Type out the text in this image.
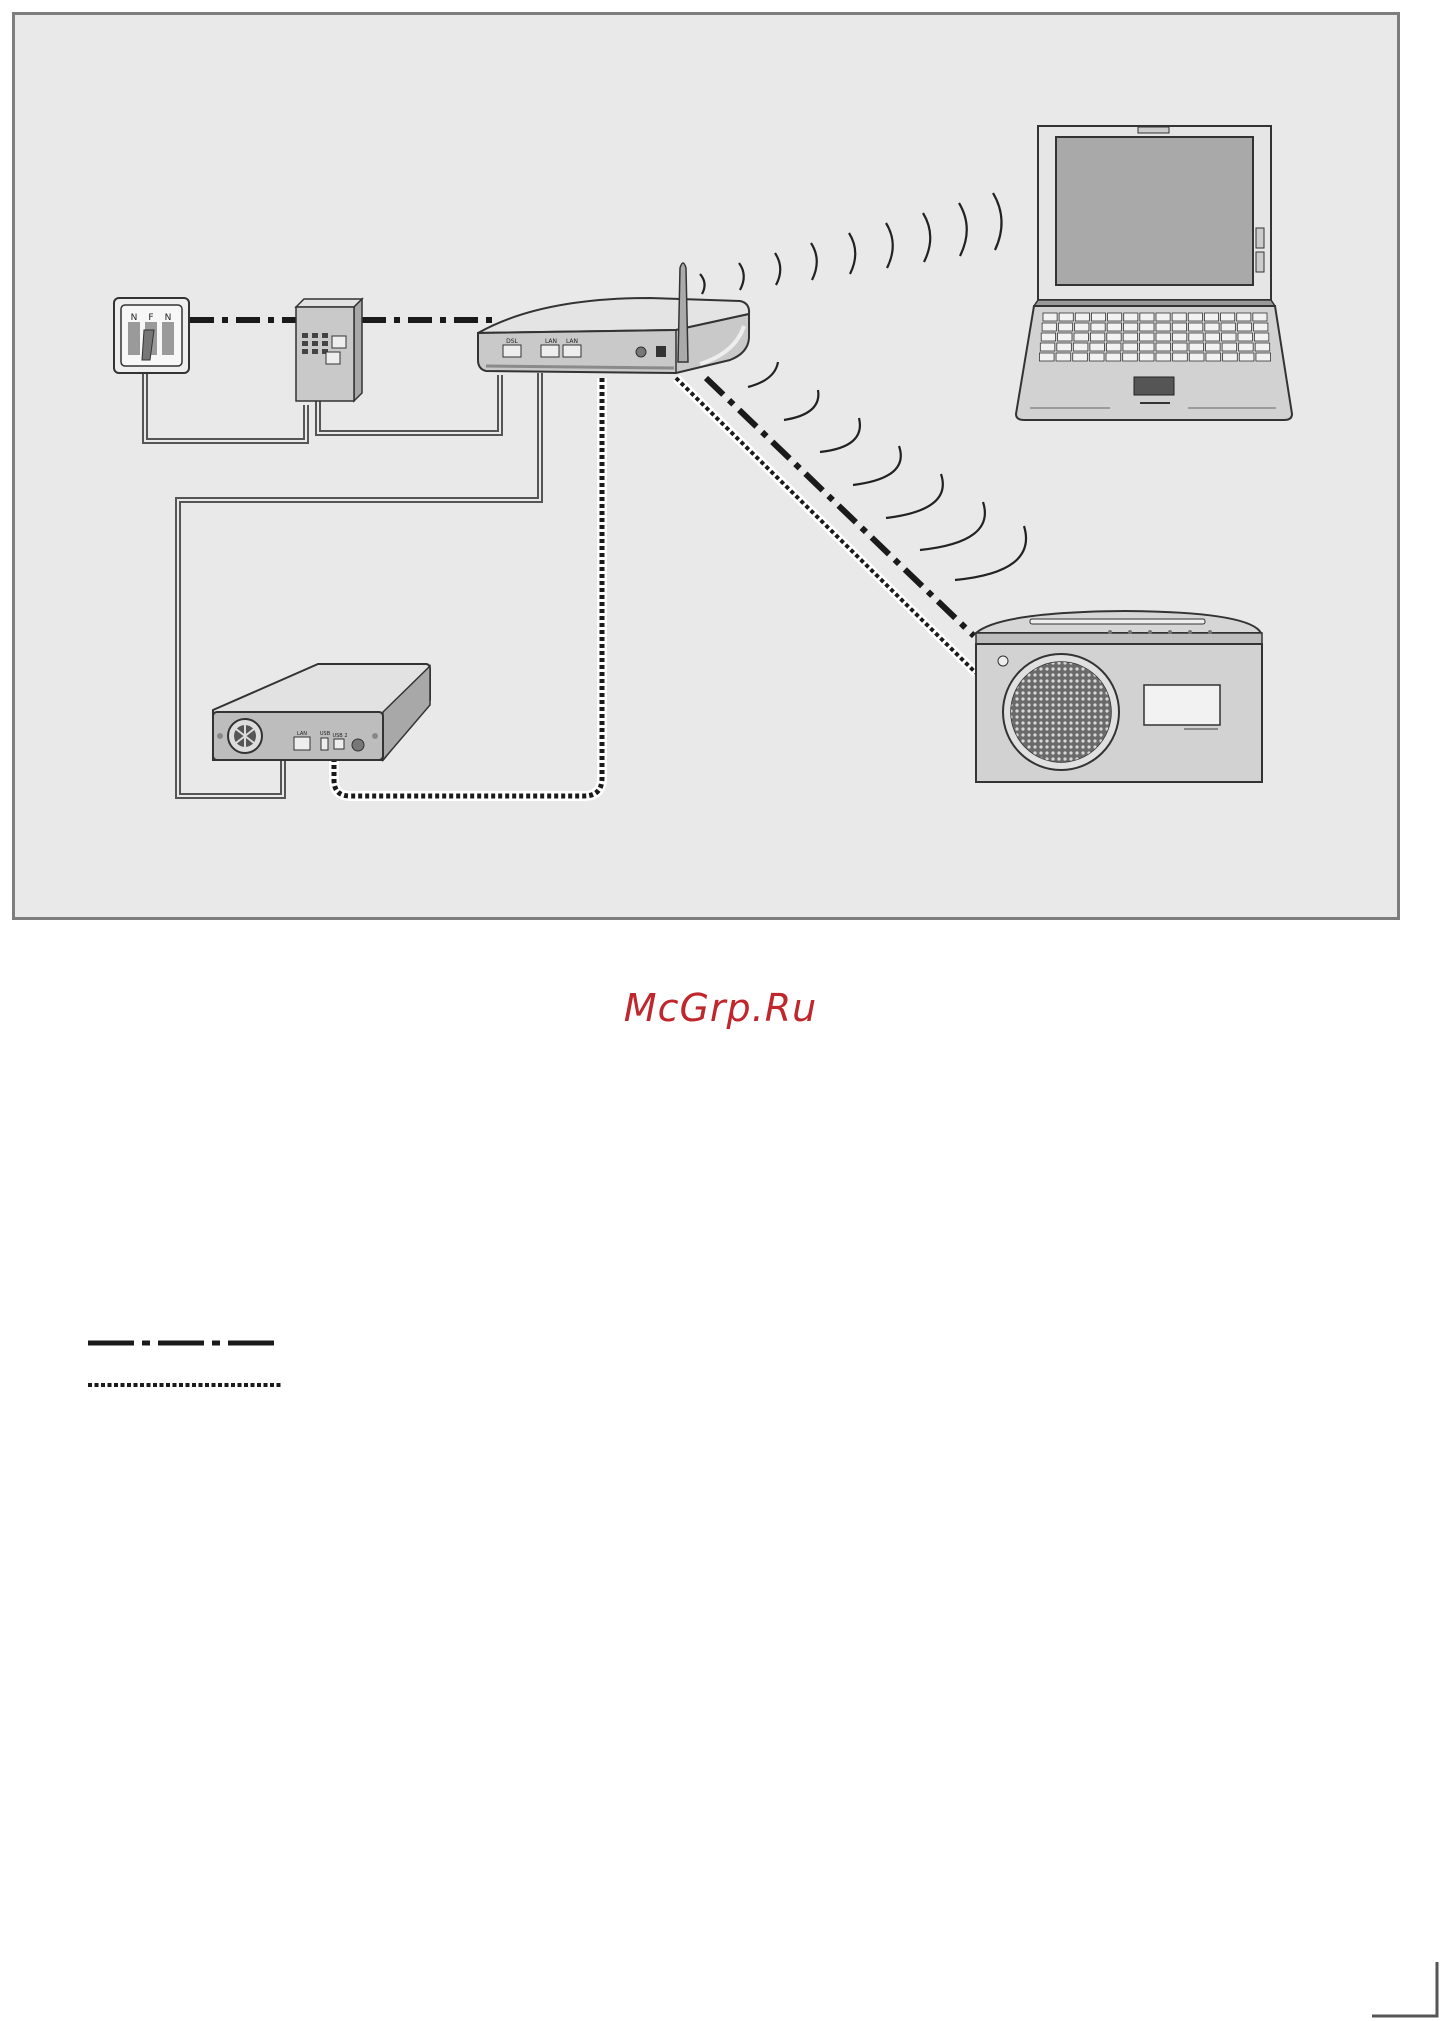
N F N
DSL	LAN LAN
LAN	USB USB 2
McGrp.Ru
